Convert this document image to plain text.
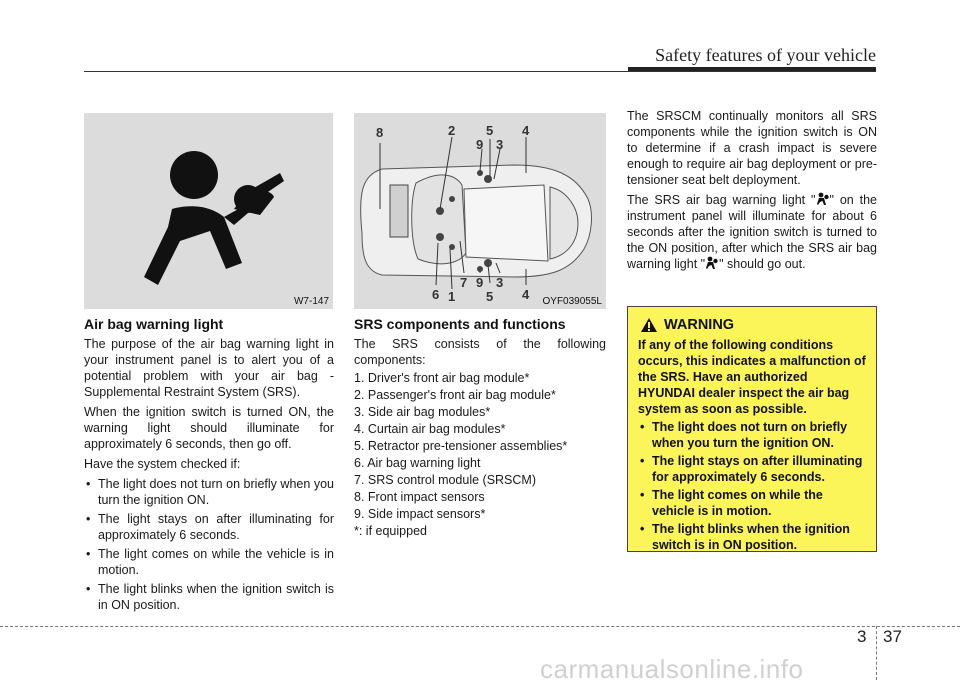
Safety features of your vehicle
W7-147
8	2
9
5
3
4
6 1
7 9
5
3
4 OYF039055L
Air bag warning light

The purpose of the air bag warning light in your instrument panel is to alert you of a potential problem with your air bag - Supplemental Restraint System (SRS).

When the ignition switch is turned ON, the warning light should illuminate for approximately 6 seconds, then go off.

Have the system checked if:

• The light does not turn on briefly when you turn the ignition ON.
• The light stays on after illuminating for approximately 6 seconds.
• The light comes on while the vehicle is in motion.
• The light blinks when the ignition switch is in ON position.
SRS components and functions

The SRS consists of the following components:

1. Driver's front air bag module*

2. Passenger's front air bag module*

3. Side air bag modules*

4. Curtain air bag modules*

5. Retractor pre-tensioner assemblies*

6. Air bag warning light

7. SRS control module (SRSCM)

8. Front impact sensors

9. Side impact sensors*

*: if equipped

The SRSCM continually monitors all SRS components while the ignition switch is ON to determine if a crash impact is severe enough to require air bag deployment or pre-tensioner seat belt deployment.

The SRS air bag warning light " " on the instrument panel will illuminate for about 6 seconds after the ignition switch is turned to the ON position, after which the SRS air bag warning light " " should go out.

WARNING

If any of the following conditions occurs, this indicates a malfunction of the SRS. Have an authorized HYUNDAI dealer inspect the air bag system as soon as possible.

• The light does not turn on briefly when you turn the ignition ON.
• The light stays on after illuminating for approximately 6 seconds.
• The light comes on while the vehicle is in motion.
• The light blinks when the ignition switch is in ON position.
3 37
carmanualsonline.info
